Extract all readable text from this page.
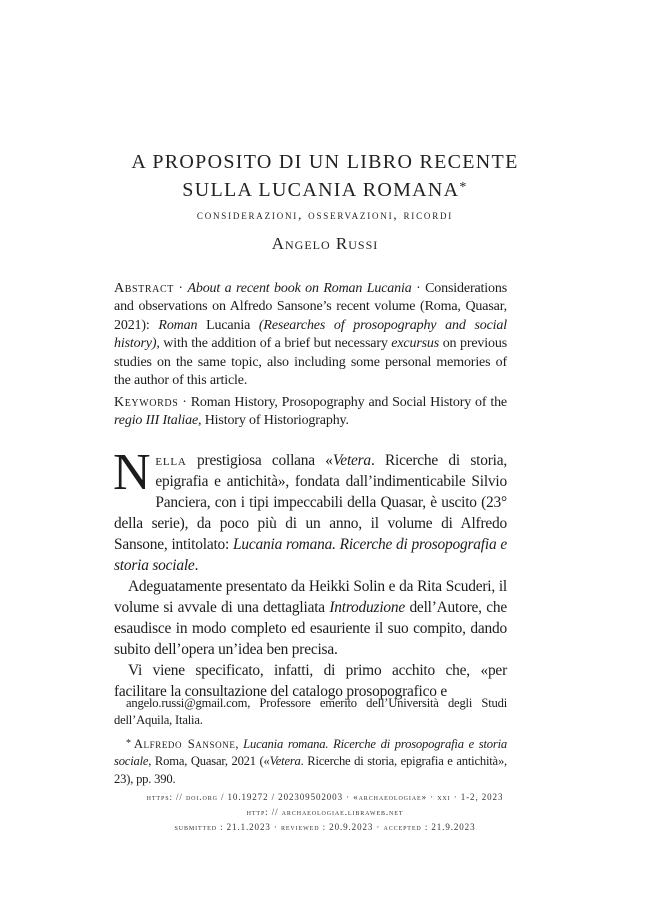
A PROPOSITO DI UN LIBRO RECENTE
SULLA LUCANIA ROMANA*
considerazioni, osservazioni, ricordi
Angelo Russi
Abstract · About a recent book on Roman Lucania · Considerations and observations on Alfredo Sansone’s recent volume (Roma, Quasar, 2021): Roman Lucania (Researches of prosopography and social history), with the addition of a brief but necessary excursus on previous studies on the same topic, also including some personal memories of the author of this article.
Keywords · Roman History, Prosopography and Social History of the regio III Italiae, History of Historiography.

Nella prestigiosa collana «Vetera. Ricerche di storia, epigrafia e antichità», fondata dall’indimenticabile Silvio Panciera, con i tipi impeccabili della Quasar, è uscito (23° della serie), da poco più di un anno, il volume di Alfredo Sansone, intitolato: Lucania romana. Ricerche di prosopografia e storia sociale.

Adeguatamente presentato da Heikki Solin e da Rita Scuderi, il volume si avvale di una dettagliata Introduzione dell’Autore, che esaudisce in modo completo ed esauriente il suo compito, dando subito dell’opera un’idea ben precisa.

Vi viene specificato, infatti, di primo acchito che, «per facilitare la consultazione del catalogo prosopografico e

angelo.russi@gmail.com, Professore emerito dell’Università degli Studi dell’Aquila, Italia.

* Alfredo Sansone, Lucania romana. Ricerche di prosopografia e storia sociale, Roma, Quasar, 2021 («Vetera. Ricerche di storia, epigrafia e antichità», 23), pp. 390.

https: // doi.org / 10.19272 / 202309502003 · «archaeologiae» · xxi · 1-2, 2023
http: // archaeologiae.libraweb.net
submitted : 21.1.2023 · reviewed : 20.9.2023 · accepted : 21.9.2023
